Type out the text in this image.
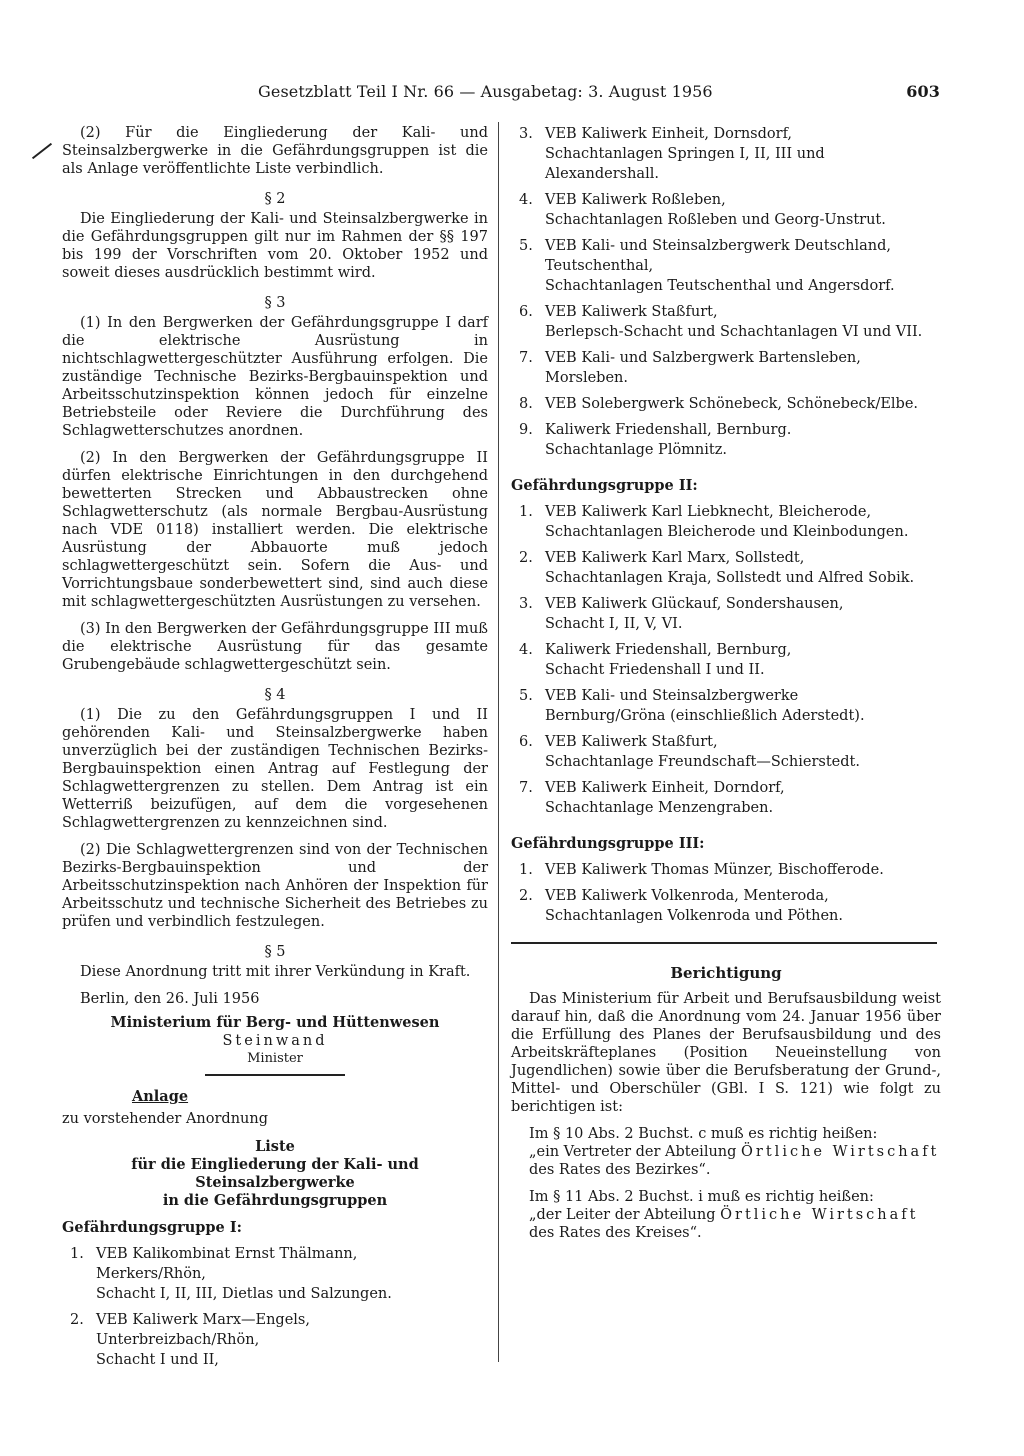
Gesetzblatt Teil I Nr. 66 — Ausgabetag: 3. August 1956	603

(2) Für die Eingliederung der Kali- und Steinsalzbergwerke in die Gefährdungsgruppen ist die als Anlage veröffentlichte Liste verbindlich.

§ 2

Die Eingliederung der Kali- und Steinsalzbergwerke in die Gefährdungsgruppen gilt nur im Rahmen der §§ 197 bis 199 der Vorschriften vom 20. Oktober 1952 und soweit dieses ausdrücklich bestimmt wird.

§ 3

(1) In den Bergwerken der Gefährdungsgruppe I darf die elektrische Ausrüstung in nichtschlagwettergeschützter Ausführung erfolgen. Die zuständige Technische Bezirks-Bergbauinspektion und Arbeitsschutzinspektion können jedoch für einzelne Betriebsteile oder Reviere die Durchführung des Schlagwetterschutzes anordnen.

(2) In den Bergwerken der Gefährdungsgruppe II dürfen elektrische Einrichtungen in den durchgehend bewetterten Strecken und Abbaustrecken ohne Schlagwetterschutz (als normale Bergbau-Ausrüstung nach VDE 0118) installiert werden. Die elektrische Ausrüstung der Abbauorte muß jedoch schlagwettergeschützt sein. Sofern die Aus- und Vorrichtungsbaue sonderbewettert sind, sind auch diese mit schlagwettergeschützten Ausrüstungen zu versehen.

(3) In den Bergwerken der Gefährdungsgruppe III muß die elektrische Ausrüstung für das gesamte Grubengebäude schlagwettergeschützt sein.

§ 4

(1) Die zu den Gefährdungsgruppen I und II gehörenden Kali- und Steinsalzbergwerke haben unverzüglich bei der zuständigen Technischen Bezirks-Bergbauinspektion einen Antrag auf Festlegung der Schlagwettergrenzen zu stellen. Dem Antrag ist ein Wetterriß beizufügen, auf dem die vorgesehenen Schlagwettergrenzen zu kennzeichnen sind.

(2) Die Schlagwettergrenzen sind von der Technischen Bezirks-Bergbauinspektion und der Arbeitsschutzinspektion nach Anhören der Inspektion für Arbeitsschutz und technische Sicherheit des Betriebes zu prüfen und verbindlich festzulegen.

§ 5

Diese Anordnung tritt mit ihrer Verkündung in Kraft.

Berlin, den 26. Juli 1956

Ministerium für Berg- und Hüttenwesen
Steinwand
Minister
Anlage
zu vorstehender Anordnung
Liste
für die Eingliederung der Kali- und Steinsalzbergwerke
in die Gefährdungsgruppen
Gefährdungsgruppe I:
1. VEB Kalikombinat Ernst Thälmann,
Merkers/Rhön,
Schacht I, II, III, Dietlas und Salzungen.
2. VEB Kaliwerk Marx—Engels,
Unterbreizbach/Rhön,
Schacht I und II,
3. VEB Kaliwerk Einheit, Dornsdorf,
Schachtanlagen Springen I, II, III und Alexandershall.
4. VEB Kaliwerk Roßleben,
Schachtanlagen Roßleben und Georg-Unstrut.
5. VEB Kali- und Steinsalzbergwerk Deutschland, Teutschenthal,
Schachtanlagen Teutschenthal und Angersdorf.
6. VEB Kaliwerk Staßfurt,
Berlepsch-Schacht und Schachtanlagen VI und VII.
7. VEB Kali- und Salzbergwerk Bartensleben, Morsleben.
8. VEB Solebergwerk Schönebeck, Schönebeck/Elbe.
9. Kaliwerk Friedenshall, Bernburg.
Schachtanlage Plömnitz.
Gefährdungsgruppe II:
1. VEB Kaliwerk Karl Liebknecht, Bleicherode,
Schachtanlagen Bleicherode und Kleinbodungen.
2. VEB Kaliwerk Karl Marx, Sollstedt,
Schachtanlagen Kraja, Sollstedt und Alfred Sobik.
3. VEB Kaliwerk Glückauf, Sondershausen,
Schacht I, II, V, VI.
4. Kaliwerk Friedenshall, Bernburg,
Schacht Friedenshall I und II.
5. VEB Kali- und Steinsalzbergwerke
Bernburg/Gröna (einschließlich Aderstedt).
6. VEB Kaliwerk Staßfurt,
Schachtanlage Freundschaft—Schierstedt.
7. VEB Kaliwerk Einheit, Dorndorf,
Schachtanlage Menzengraben.
Gefährdungsgruppe III:
1. VEB Kaliwerk Thomas Münzer, Bischofferode.
2. VEB Kaliwerk Volkenroda, Menteroda,
Schachtanlagen Volkenroda und Pöthen.
Berichtigung

Das Ministerium für Arbeit und Berufsausbildung weist darauf hin, daß die Anordnung vom 24. Januar 1956 über die Erfüllung des Planes der Berufsausbildung und des Arbeitskräfteplanes (Position Neueinstellung von Jugendlichen) sowie über die Berufsberatung der Grund-, Mittel- und Oberschüler (GBl. I S. 121) wie folgt zu berichtigen ist:

Im § 10 Abs. 2 Buchst. c muß es richtig heißen:

„ein Vertreter der Abteilung Örtliche Wirtschaft des Rates des Bezirkes“.

Im § 11 Abs. 2 Buchst. i muß es richtig heißen:

„der Leiter der Abteilung Örtliche Wirtschaft des Rates des Kreises“.
